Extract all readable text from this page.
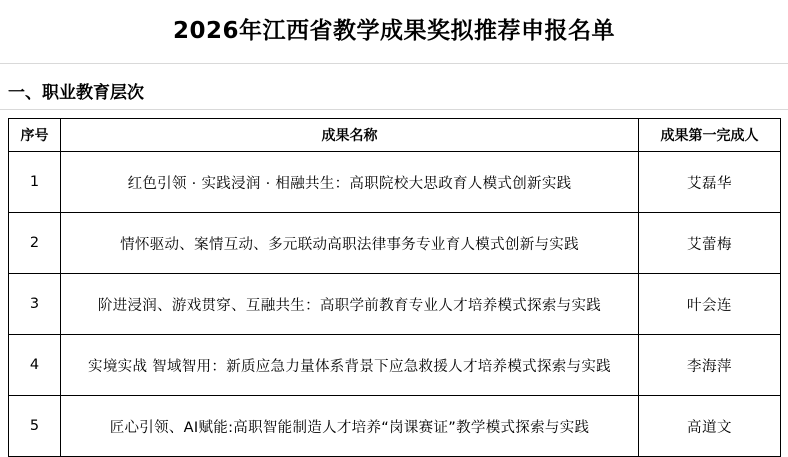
2026年江西省教学成果奖拟推荐申报名单
一、职业教育层次
序号	成果名称	成果第一完成人
1	红色引领 · 实践浸润 · 相融共生：高职院校大思政育人模式创新实践	艾磊华
2	情怀驱动、案情互动、多元联动高职法律事务专业育人模式创新与实践	艾蕾梅
3	阶进浸润、游戏贯穿、互融共生：高职学前教育专业人才培养模式探索与实践	叶会连
4	实境实战 智域智用：新质应急力量体系背景下应急救援人才培养模式探索与实践	李海萍
5	匠心引领、AI赋能:高职智能制造人才培养“岗课赛证”教学模式探索与实践	高道文
